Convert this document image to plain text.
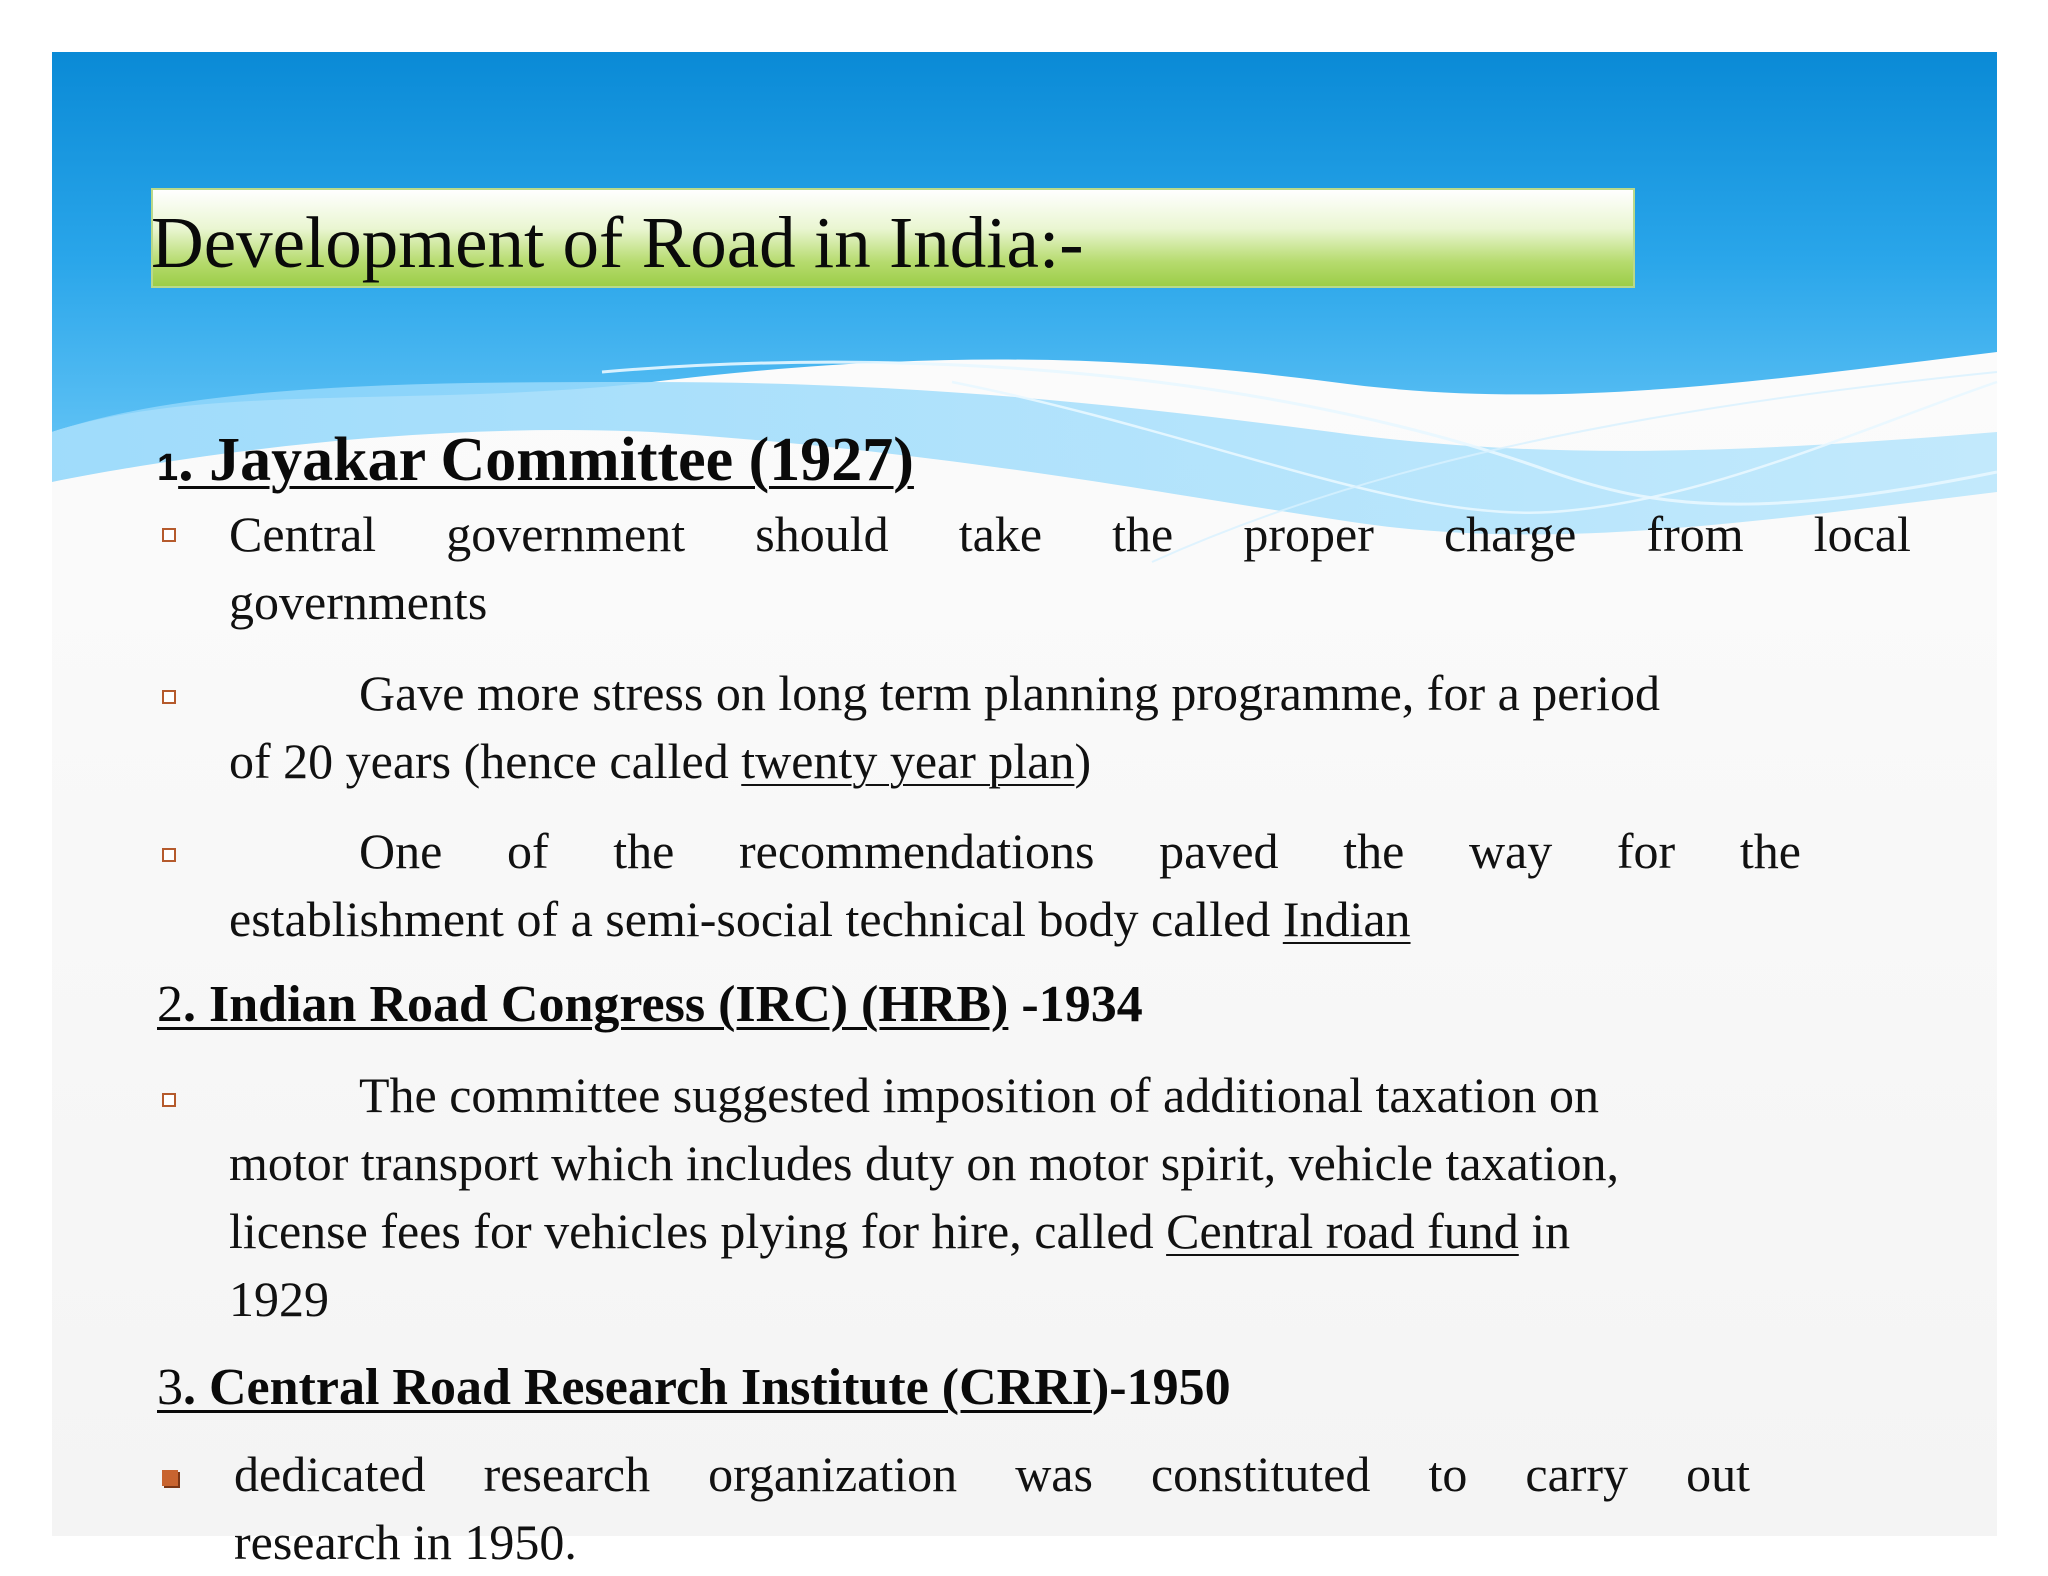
Development of Road in India:-
1. Jayakar Committee (1927)
Central government should take the proper charge from local
governments
Gave more stress on long term planning programme, for a period
of 20 years (hence called twenty year plan)
One of the recommendations paved the way for the
establishment of a semi-social technical body called Indian
2. Indian Road Congress (IRC) (HRB) -1934
The committee suggested imposition of additional taxation on
motor transport which includes duty on motor spirit, vehicle taxation,
license fees for vehicles plying for hire, called Central road fund in
1929
3. Central Road Research Institute (CRRI)-1950
dedicated research organization was constituted to carry out
research in 1950.
